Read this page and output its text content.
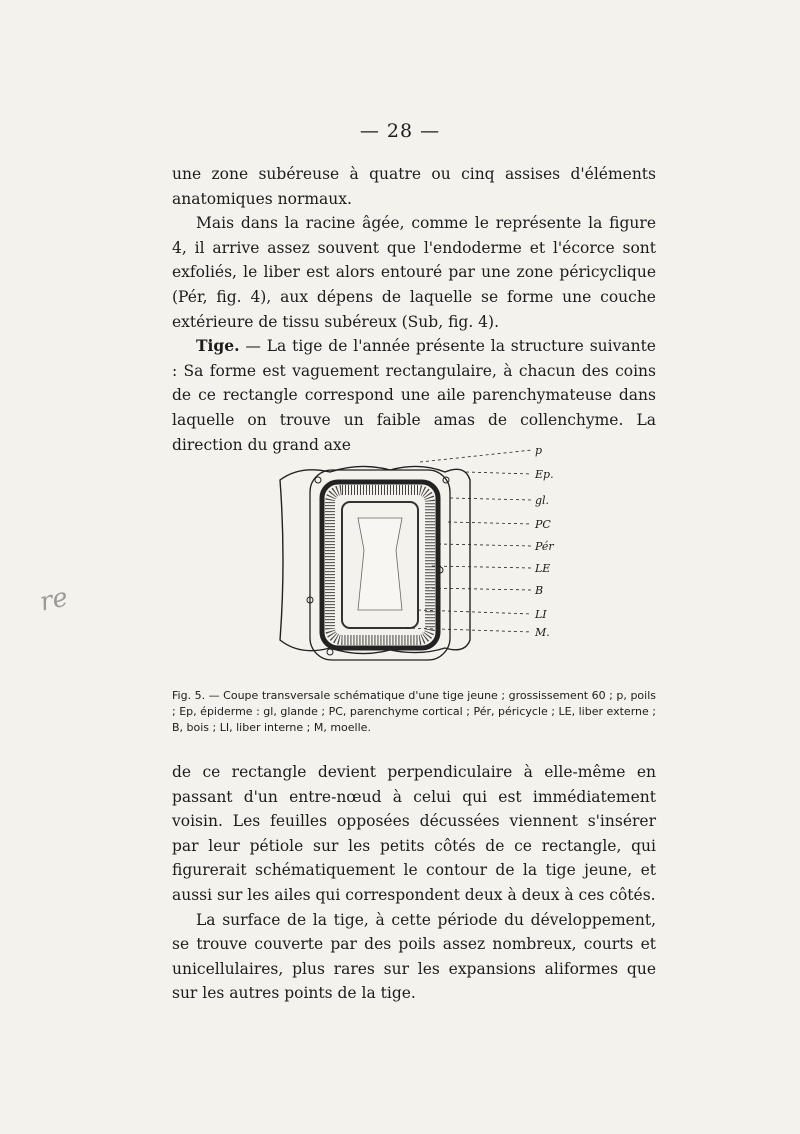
— 28 —

une zone subéreuse à quatre ou cinq assises d'éléments anatomiques normaux.

Mais dans la racine âgée, comme le représente la figure 4, il arrive assez souvent que l'endoderme et l'écorce sont exfoliés, le liber est alors entouré par une zone péricyclique (Pér, fig. 4), aux dépens de laquelle se forme une couche extérieure de tissu subéreux (Sub, fig. 4).

Tige. — La tige de l'année présente la structure suivante : Sa forme est vaguement rectangulaire, à chacun des coins de ce rectangle correspond une aile parenchymateuse dans laquelle on trouve un faible amas de collenchyme. La direction du grand axe	p
Ep.
gl.
PC
Pér
LE
B
LI
M.
Fig. 5. — Coupe transversale schématique d'une tige jeune ; grossissement 60 ; p, poils ; Ep, épiderme : gl, glande ; PC, parenchyme cortical ; Pér, péricycle ; LE, liber externe ; B, bois ; LI, liber interne ; M, moelle.

de ce rectangle devient perpendiculaire à elle-même en passant d'un entre-nœud à celui qui est immédiatement voisin. Les feuilles opposées décussées viennent s'insérer par leur pétiole sur les petits côtés de ce rectangle, qui figurerait schématiquement le contour de la tige jeune, et aussi sur les ailes qui correspondent deux à deux à ces côtés.

La surface de la tige, à cette période du développement, se trouve couverte par des poils assez nombreux, courts et unicellulaires, plus rares sur les expansions aliformes que sur les autres points de la tige.

re
